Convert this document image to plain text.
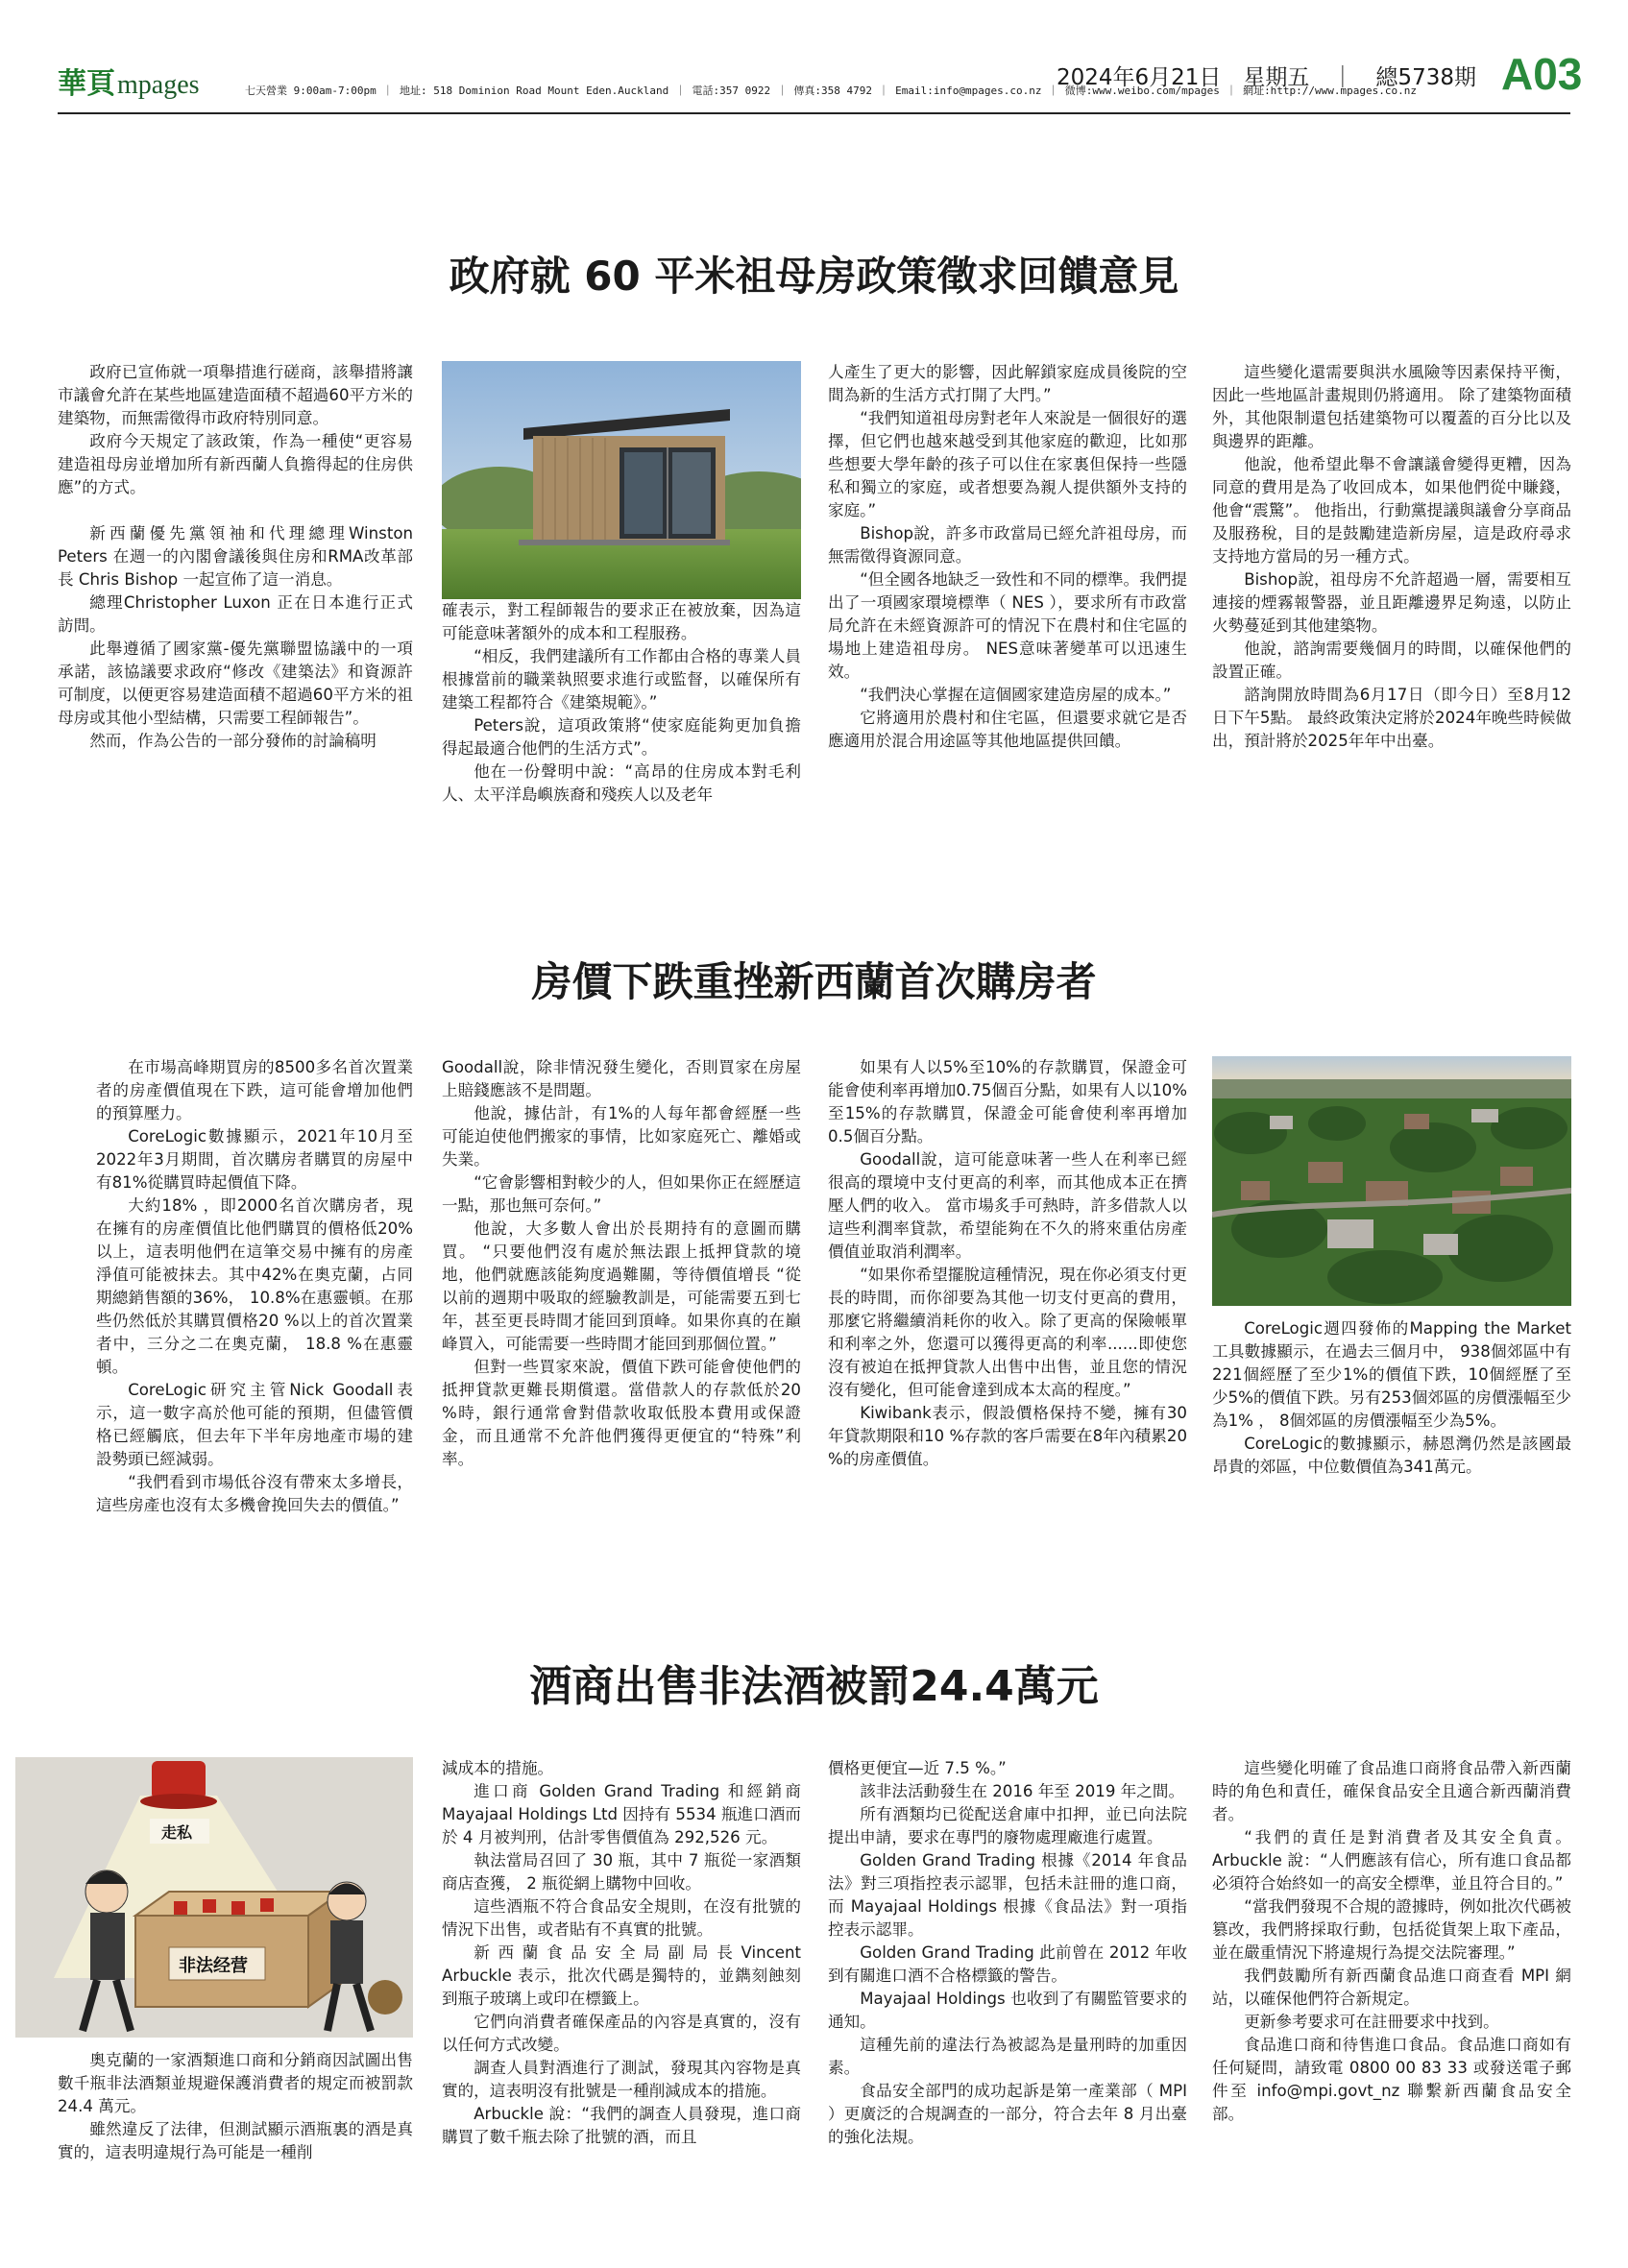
華頁mpages	七天營業 9:00am-7:00pm ｜ 地址: 518 Dominion Road Mount Eden.Auckland ｜ 電話:357 0922 ｜ 傳真:358 4792 ｜ Email:info@mpages.co.nz ｜ 微博:www.weibo.com/mpages ｜ 網址:http://www.mpages.co.nz
2024年6月21日　星期五　｜　總5738期 A03
政府就 60 平米祖母房政策徵求回饋意見

政府已宣佈就一項舉措進行磋商，該舉措將讓市議會允許在某些地區建造面積不超過60平方米的建築物，而無需徵得市政府特別同意。

政府今天規定了該政策，作為一種使“更容易建造祖母房並增加所有新西蘭人負擔得起的住房供應”的方式。

新西蘭優先黨領袖和代理總理Winston Peters 在週一的內閣會議後與住房和RMA改革部長 Chris Bishop 一起宣佈了這一消息。

總理Christopher Luxon 正在日本進行正式訪問。

此舉遵循了國家黨-優先黨聯盟協議中的一項承諾，該協議要求政府“修改《建築法》和資源許可制度，以便更容易建造面積不超過60平方米的祖母房或其他小型結構，只需要工程師報告”。

然而，作為公告的一部分發佈的討論稿明

確表示，對工程師報告的要求正在被放棄，因為這可能意味著額外的成本和工程服務。

“相反，我們建議所有工作都由合格的專業人員根據當前的職業執照要求進行或監督，以確保所有建築工程都符合《建築規範》。”

Peters說，這項政策將“使家庭能夠更加負擔得起最適合他們的生活方式”。

他在一份聲明中說：“高昂的住房成本對毛利人、太平洋島嶼族裔和殘疾人以及老年

人產生了更大的影響，因此解鎖家庭成員後院的空間為新的生活方式打開了大門。”

“我們知道祖母房對老年人來說是一個很好的選擇，但它們也越來越受到其他家庭的歡迎，比如那些想要大學年齡的孩子可以住在家裏但保持一些隱私和獨立的家庭，或者想要為親人提供額外支持的家庭。”

Bishop說，許多市政當局已經允許祖母房，而無需徵得資源同意。

“但全國各地缺乏一致性和不同的標準。我們提出了一項國家環境標準（ NES ），要求所有市政當局允許在未經資源許可的情況下在農村和住宅區的場地上建造祖母房。 NES意味著變革可以迅速生效。

“我們決心掌握在這個國家建造房屋的成本。”

它將適用於農村和住宅區，但還要求就它是否應適用於混合用途區等其他地區提供回饋。

這些變化還需要與洪水風險等因素保持平衡，因此一些地區計畫規則仍將適用。 除了建築物面積外，其他限制還包括建築物可以覆蓋的百分比以及與邊界的距離。

他說，他希望此舉不會讓議會變得更糟，因為同意的費用是為了收回成本，如果他們從中賺錢，他會“震驚”。 他指出，行動黨提議與議會分享商品及服務稅，目的是鼓勵建造新房屋，這是政府尋求支持地方當局的另一種方式。

Bishop說，祖母房不允許超過一層，需要相互連接的煙霧報警器，並且距離邊界足夠遠，以防止火勢蔓延到其他建築物。

他說，諮詢需要幾個月的時間，以確保他們的設置正確。

諮詢開放時間為6月17日（即今日）至8月12日下午5點。 最終政策決定將於2024年晚些時候做出，預計將於2025年年中出臺。

房價下跌重挫新西蘭首次購房者

在市場高峰期買房的8500多名首次置業者的房產價值現在下跌，這可能會增加他們的預算壓力。

CoreLogic數據顯示，2021年10月至2022年3月期間，首次購房者購買的房屋中有81%從購買時起價值下降。

大約18% ，即2000名首次購房者，現在擁有的房產價值比他們購買的價格低20%以上，這表明他們在這筆交易中擁有的房產淨值可能被抹去。其中42%在奧克蘭，占同期總銷售額的36%， 10.8%在惠靈頓。在那些仍然低於其購買價格20 %以上的首次置業者中，三分之二在奧克蘭， 18.8 %在惠靈頓。

CoreLogic研究主管Nick Goodall表示，這一數字高於他可能的預期，但儘管價格已經觸底，但去年下半年房地產市場的建設勢頭已經減弱。

“我們看到市場低谷沒有帶來太多增長，這些房產也沒有太多機會挽回失去的價值。”

Goodall說，除非情況發生變化，否則買家在房屋上賠錢應該不是問題。

他說，據估計，有1%的人每年都會經歷一些可能迫使他們搬家的事情，比如家庭死亡、離婚或失業。

“它會影響相對較少的人，但如果你正在經歷這一點，那也無可奈何。”

他說，大多數人會出於長期持有的意圖而購買。 “只要他們沒有處於無法跟上抵押貸款的境地，他們就應該能夠度過難關，等待價值增長 “從以前的週期中吸取的經驗教訓是，可能需要五到七年，甚至更長時間才能回到頂峰。如果你真的在巔峰買入，可能需要一些時間才能回到那個位置。”

但對一些買家來說，價值下跌可能會使他們的抵押貸款更難長期償還。當借款人的存款低於20 %時，銀行通常會對借款收取低股本費用或保證金，而且通常不允許他們獲得更便宜的“特殊”利率。

如果有人以5%至10%的存款購買，保證金可能會使利率再增加0.75個百分點，如果有人以10%至15%的存款購買，保證金可能會使利率再增加0.5個百分點。

Goodall說，這可能意味著一些人在利率已經很高的環境中支付更高的利率，而其他成本正在擠壓人們的收入。 當市場炙手可熱時，許多借款人以這些利潤率貸款，希望能夠在不久的將來重估房產價值並取消利潤率。

“如果你希望擺脫這種情況，現在你必須支付更長的時間，而你卻要為其他一切支付更高的費用，那麼它將繼續消耗你的收入。除了更高的保險帳單和利率之外，您還可以獲得更高的利率......即使您沒有被迫在抵押貸款人出售中出售，並且您的情況沒有變化，但可能會達到成本太高的程度。”

Kiwibank表示，假設價格保持不變，擁有30年貸款期限和10 %存款的客戶需要在8年內積累20 %的房產價值。

CoreLogic週四發佈的Mapping the Market工具數據顯示，在過去三個月中， 938個郊區中有221個經歷了至少1%的價值下跌，10個經歷了至少5%的價值下跌。另有253個郊區的房價漲幅至少為1% ， 8個郊區的房價漲幅至少為5%。

CoreLogic的數據顯示，赫恩灣仍然是該國最昂貴的郊區，中位數價值為341萬元。

酒商出售非法酒被罰24.4萬元
走私
非法经营

奧克蘭的一家酒類進口商和分銷商因試圖出售數千瓶非法酒類並規避保護消費者的規定而被罰款 24.4 萬元。

雖然違反了法律，但測試顯示酒瓶裏的酒是真實的，這表明違規行為可能是一種削

減成本的措施。

進口商 Golden Grand Trading 和經銷商 Mayajaal Holdings Ltd 因持有 5534 瓶進口酒而於 4 月被判刑，估計零售價值為 292,526 元。

執法當局召回了 30 瓶，其中 7 瓶從一家酒類商店查獲， 2 瓶從網上購物中回收。

這些酒瓶不符合食品安全規則，在沒有批號的情況下出售，或者貼有不真實的批號。

新 西 蘭 食 品 安 全 局 副 局 長 Vincent Arbuckle 表示，批次代碼是獨特的，並鐫刻蝕刻到瓶子玻璃上或印在標籤上。

它們向消費者確保產品的內容是真實的，沒有以任何方式改變。

調查人員對酒進行了測試，發現其內容物是真實的，這表明沒有批號是一種削減成本的措施。

Arbuckle 說：“我們的調查人員發現，進口商購買了數千瓶去除了批號的酒，而且

價格更便宜—近 7.5 %。”

該非法活動發生在 2016 年至 2019 年之間。

所有酒類均已從配送倉庫中扣押，並已向法院提出申請，要求在專門的廢物處理廠進行處置。

Golden Grand Trading 根據《2014 年食品法》對三項指控表示認罪，包括未註冊的進口商，而 Mayajaal Holdings 根據《食品法》對一項指控表示認罪。

Golden Grand Trading 此前曾在 2012 年收到有關進口酒不合格標籤的警告。

Mayajaal Holdings 也收到了有關監管要求的通知。

這種先前的違法行為被認為是量刑時的加重因素。

食品安全部門的成功起訴是第一產業部（ MPI ）更廣泛的合規調查的一部分，符合去年 8 月出臺的強化法規。

這些變化明確了食品進口商將食品帶入新西蘭時的角色和責任，確保食品安全且適合新西蘭消費者。

“我們的責任是對消費者及其安全負責。Arbuckle 說：“人們應該有信心，所有進口食品都必須符合始終如一的高安全標準，並且符合目的。”

“當我們發現不合規的證據時，例如批次代碼被篡改，我們將採取行動，包括從貨架上取下產品，並在嚴重情況下將違規行為提交法院審理。”

我們鼓勵所有新西蘭食品進口商查看 MPI 網站，以確保他們符合新規定。

更新參考要求可在註冊要求中找到。

食品進口商和待售進口食品。食品進口商如有任何疑問，請致電 0800 00 83 33 或發送電子郵件至 info@mpi.govt_nz 聯繫新西蘭食品安全部。
